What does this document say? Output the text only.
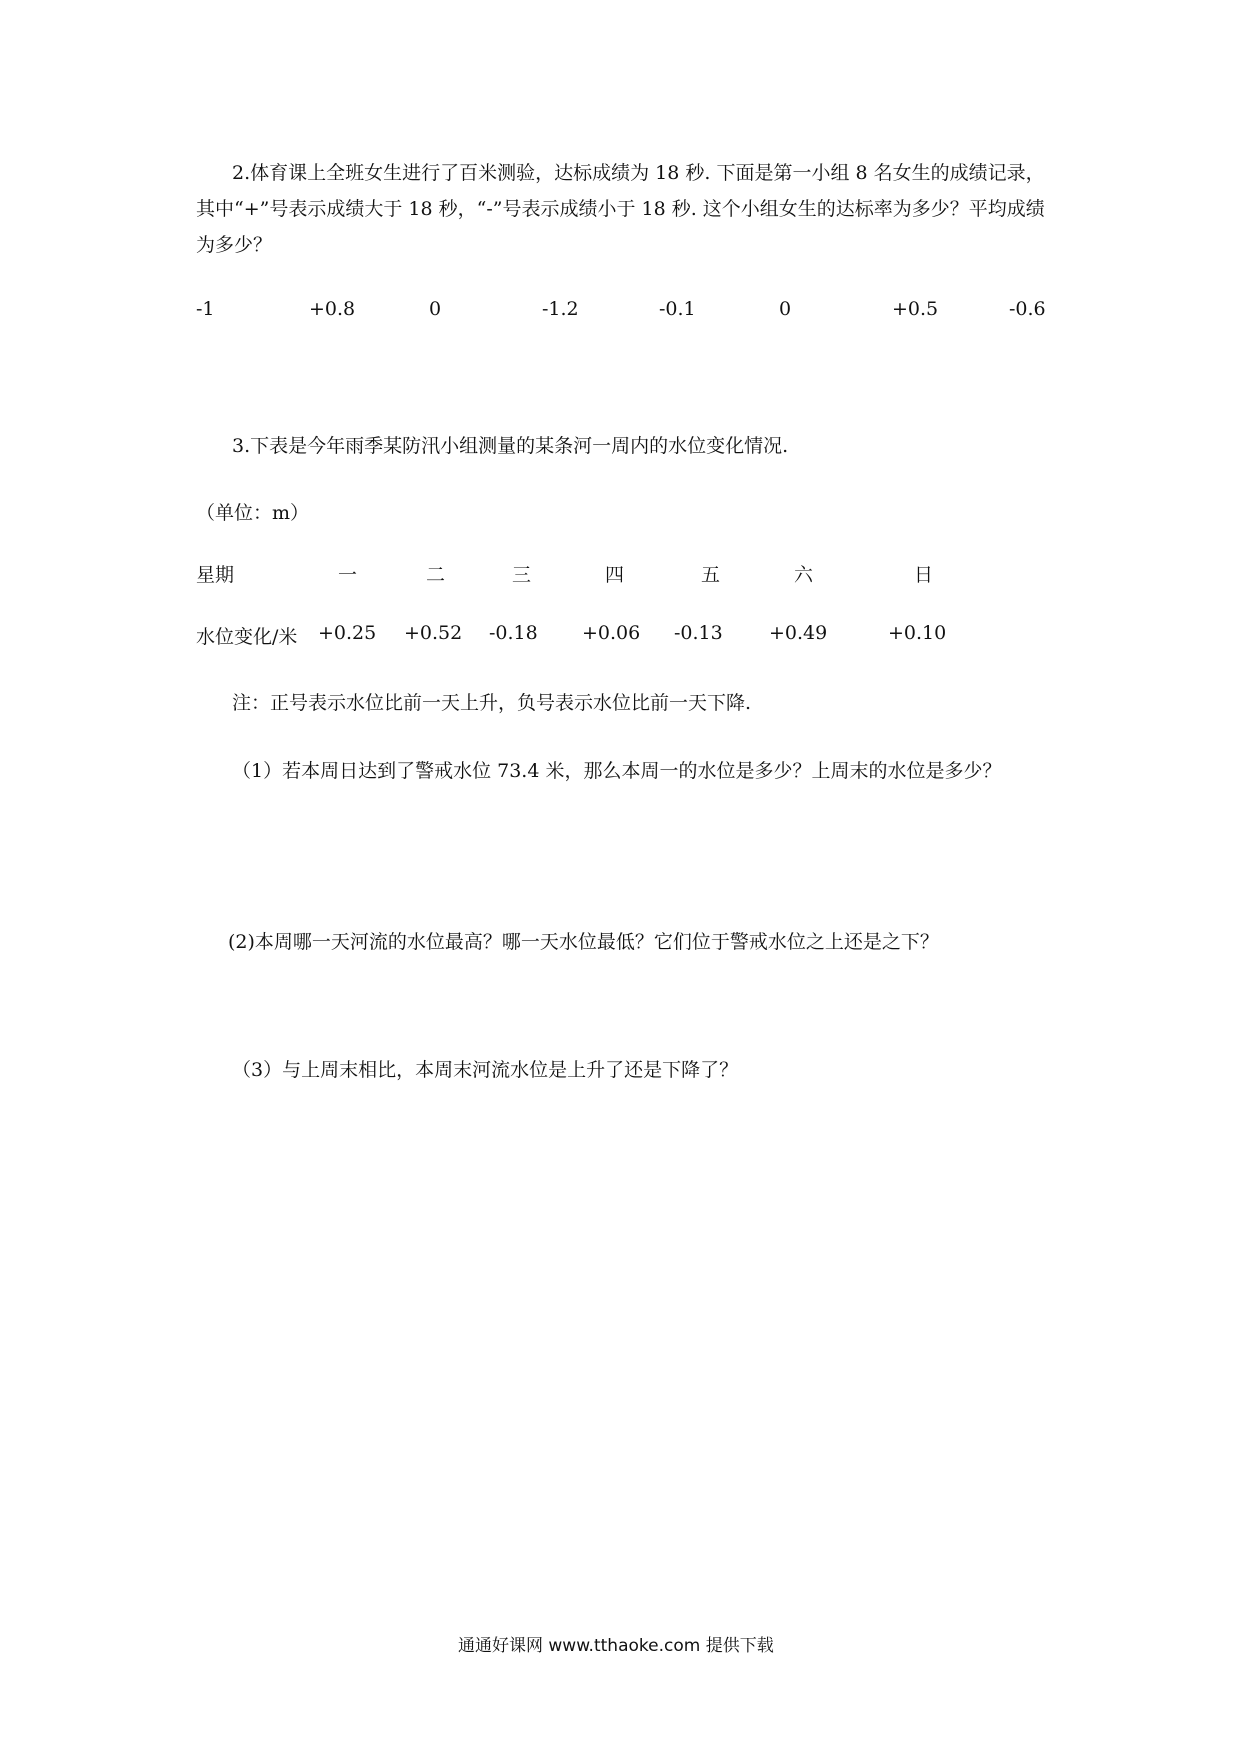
2.体育课上全班女生进行了百米测验，达标成绩为 18 秒. 下面是第一小组 8 名女生的成绩记录，其中“+”号表示成绩大于 18 秒，“-”号表示成绩小于 18 秒. 这个小组女生的达标率为多少？平均成绩为多少？
-1	+0.8	0	-1.2	-0.1	0	+0.5	-0.6
3.下表是今年雨季某防汛小组测量的某条河一周内的水位变化情况.
（单位：m）
星期	一	二	三	四	五	六	日
水位变化/米 +0.25 +0.52 -0.18 +0.06 -0.13 +0.49	+0.10
注：正号表示水位比前一天上升，负号表示水位比前一天下降.
（1）若本周日达到了警戒水位 73.4 米，那么本周一的水位是多少？上周末的水位是多少？
(2)本周哪一天河流的水位最高？哪一天水位最低？它们位于警戒水位之上还是之下？
（3）与上周末相比，本周末河流水位是上升了还是下降了？
通通好课网 www.tthaoke.com 提供下载
